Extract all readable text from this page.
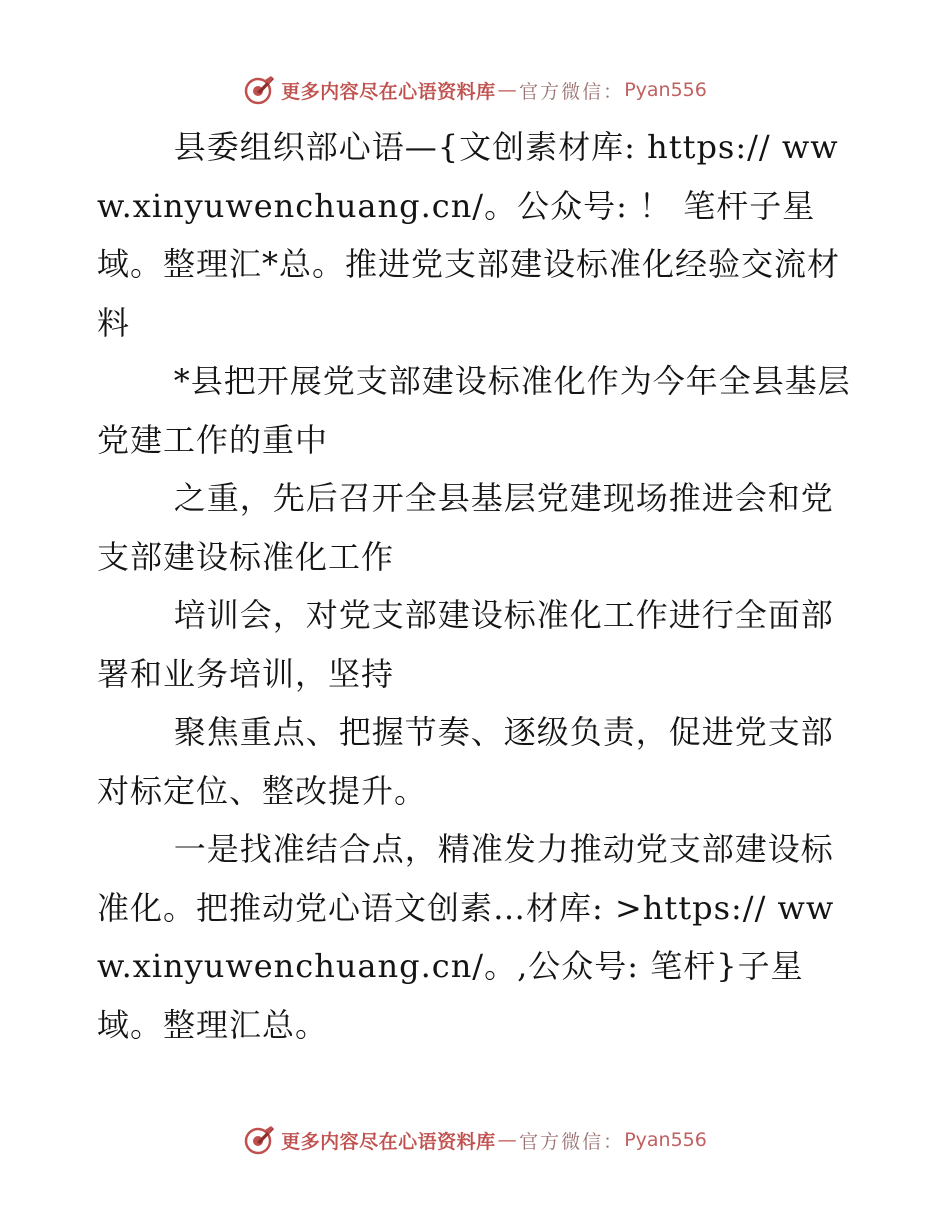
更多内容尽在心语资料库 — 官方微信： Pyan556

县委组织部心语—{文创素材库: https:// www.xinyuwenchuang.cn/。公众号: ！ 笔杆子星域。整理汇*总。推进党支部建设标准化经验交流材料

*县把开展党支部建设标准化作为今年全县基层党建工作的重中

之重，先后召开全县基层党建现场推进会和党支部建设标准化工作

培训会，对党支部建设标准化工作进行全面部署和业务培训，坚持

聚焦重点、把握节奏、逐级负责，促进党支部对标定位、整改提升。

一是找准结合点，精准发力推动党支部建设标准化。把推动党心语文创素…材库: >https:// www.xinyuwenchuang.cn/。,公众号: 笔杆}子星域。整理汇总。

更多内容尽在心语资料库 — 官方微信： Pyan556
